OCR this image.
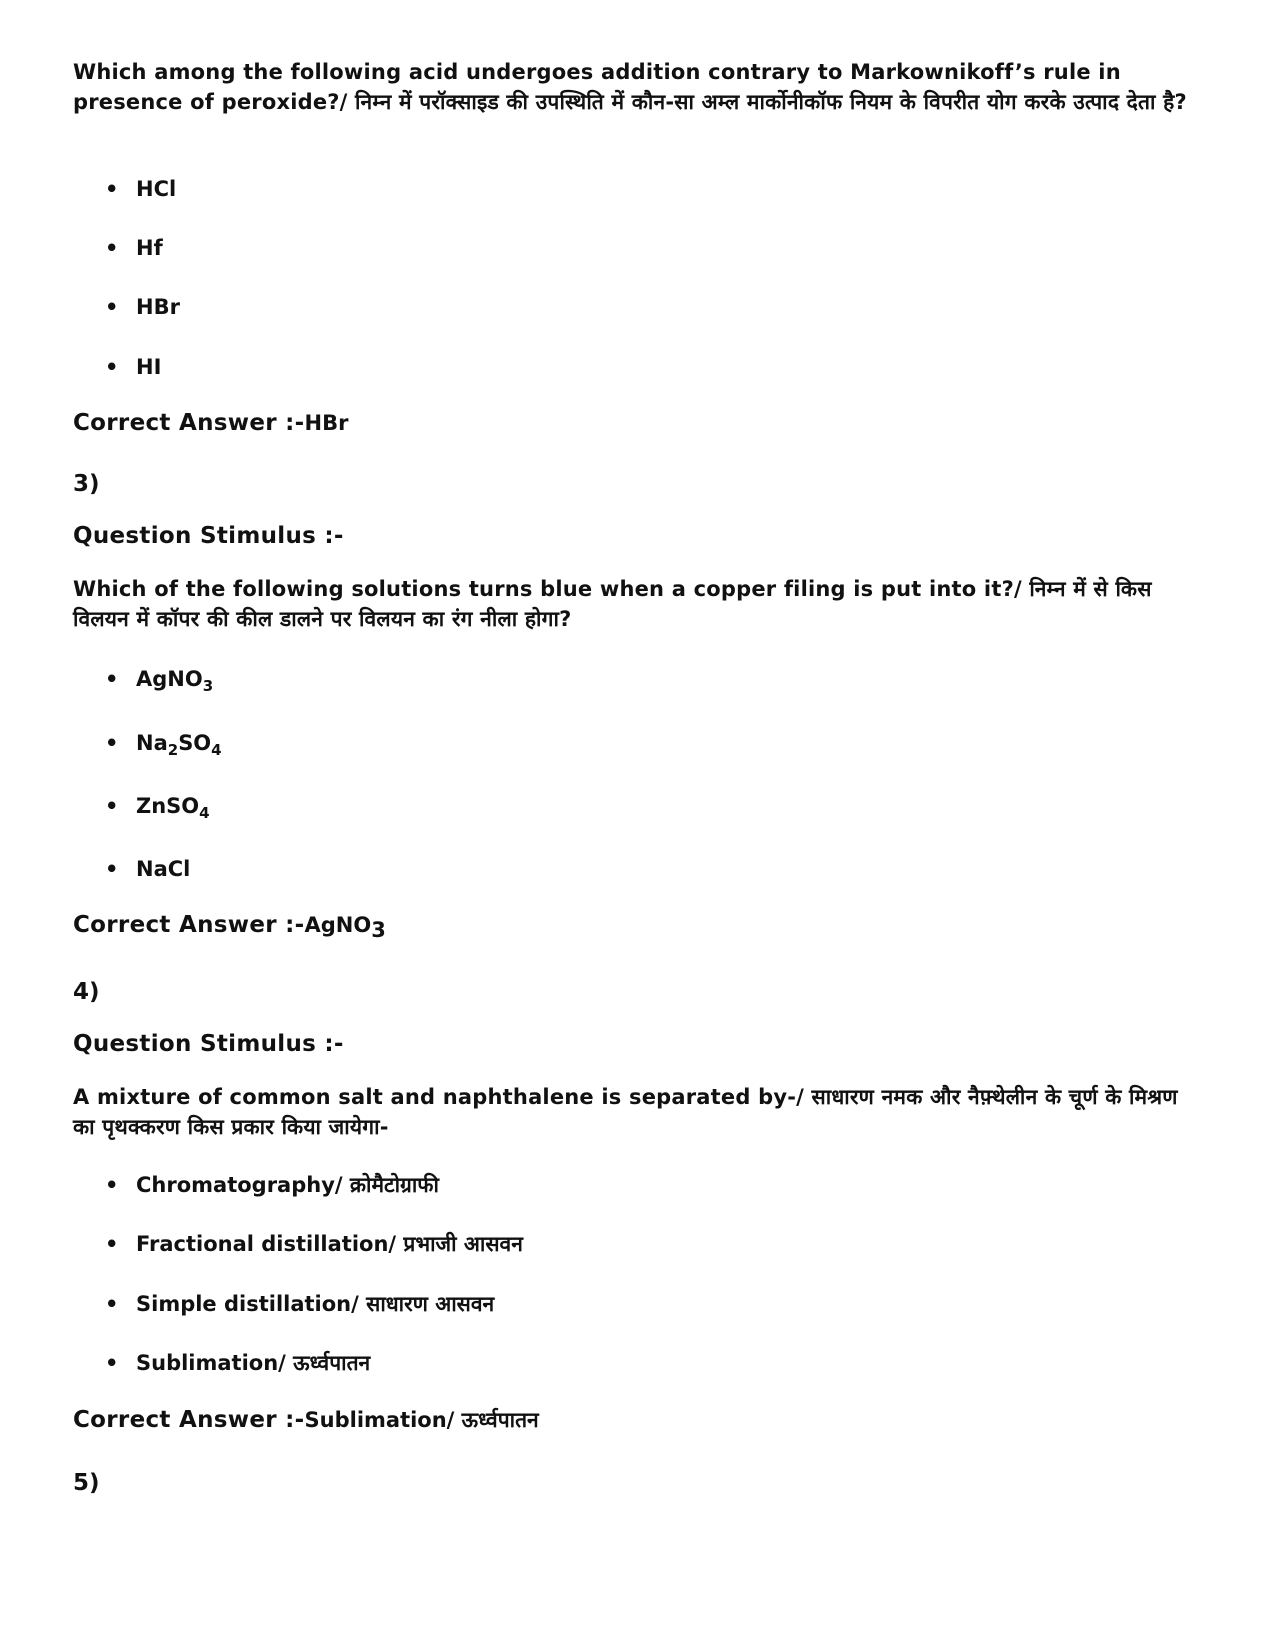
Which among the following acid undergoes addition contrary to Markownikoff’s rule in presence of peroxide?/ निम्न में परॉक्साइड की उपस्थिति में कौन-सा अम्ल मार्कोनीकॉफ नियम के विपरीत योग करके उत्पाद देता है?

• HCl
• Hf
• HBr
• HI
Correct Answer :-HBr
3)
Question Stimulus :-

Which of the following solutions turns blue when a copper filing is put into it?/ निम्न में से किस विलयन में कॉपर की कील डालने पर विलयन का रंग नीला होगा?

• AgNO$_3$
• $Na_2SO_4$
• ZnSO$_4$
• NaCl
Correct Answer :-AgNO$_3$
4)
Question Stimulus :-

A mixture of common salt and naphthalene is separated by-/ साधारण नमक और नैफ़्थेलीन के चूर्ण के मिश्रण का पृथक्करण किस प्रकार किया जायेगा-

• Chromatography/ क्रोमैटोग्राफी
• Fractional distillation/ प्रभाजी आसवन
• Simple distillation/ साधारण आसवन
• Sublimation/ ऊर्ध्वपातन
Correct Answer :-Sublimation/ ऊर्ध्वपातन
5)
